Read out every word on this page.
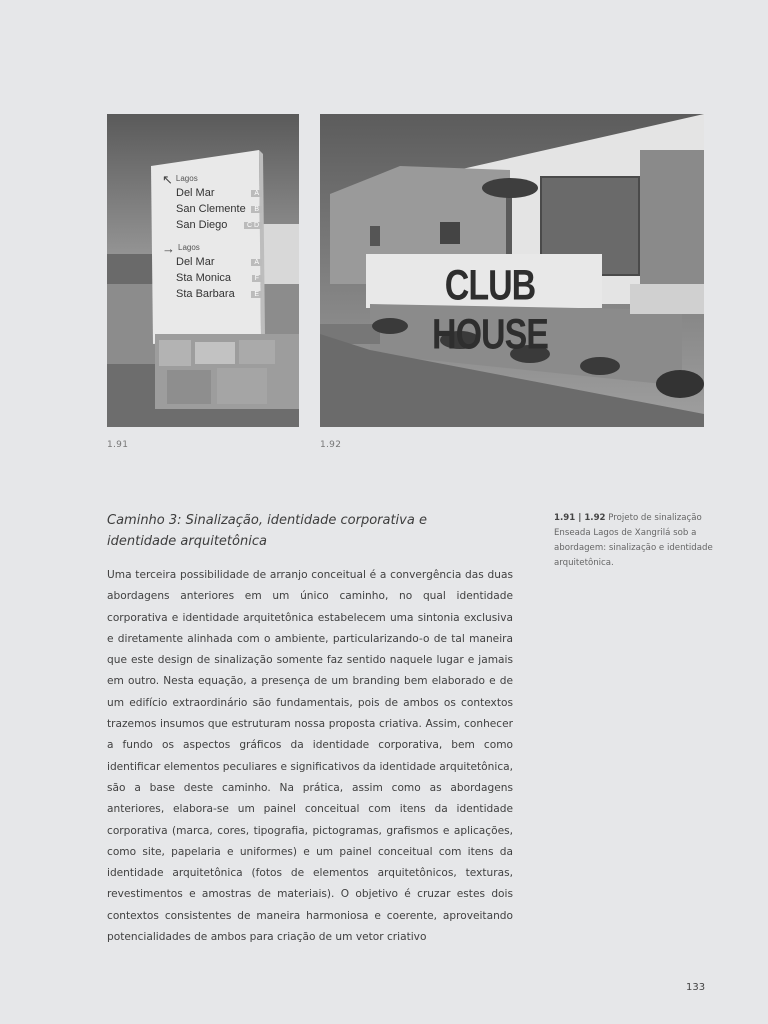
↖ Lagos
Del Mar	A
San Clemente	B
San Diego	C D
→ Lagos
Del Mar	A
Sta Monica	F
Sta Barbara	E	CLUB HOUSE
1.91	1.92
Caminho 3: Sinalização, identidade corporativa e identidade arquitetônica

Uma terceira possibilidade de arranjo conceitual é a convergência das duas abordagens anteriores em um único caminho, no qual identidade corporativa e identidade arquitetônica estabelecem uma sintonia exclusiva e diretamente alinhada com o ambiente, particularizando-o de tal maneira que este design de sinalização somente faz sentido naquele lugar e jamais em outro. Nesta equação, a presença de um branding bem elaborado e de um edifício extraordinário são fundamentais, pois de ambos os contextos trazemos insumos que estruturam nossa proposta criativa. Assim, conhecer a fundo os aspectos gráficos da identidade corporativa, bem como identificar elementos peculiares e significativos da identidade arquitetônica, são a base deste caminho. Na prática, assim como as abordagens anteriores, elabora-se um painel conceitual com itens da identidade corporativa (marca, cores, tipografia, pictogramas, grafismos e aplicações, como site, papelaria e uniformes) e um painel conceitual com itens da identidade arquitetônica (fotos de elementos arquitetônicos, texturas, revestimentos e amostras de materiais). O objetivo é cruzar estes dois contextos consistentes de maneira harmoniosa e coerente, aproveitando potencialidades de ambos para criação de um vetor criativo

1.91 | 1.92 Projeto de sinalização Enseada Lagos de Xangrilá sob a abordagem: sinalização e identidade arquitetônica.

133
